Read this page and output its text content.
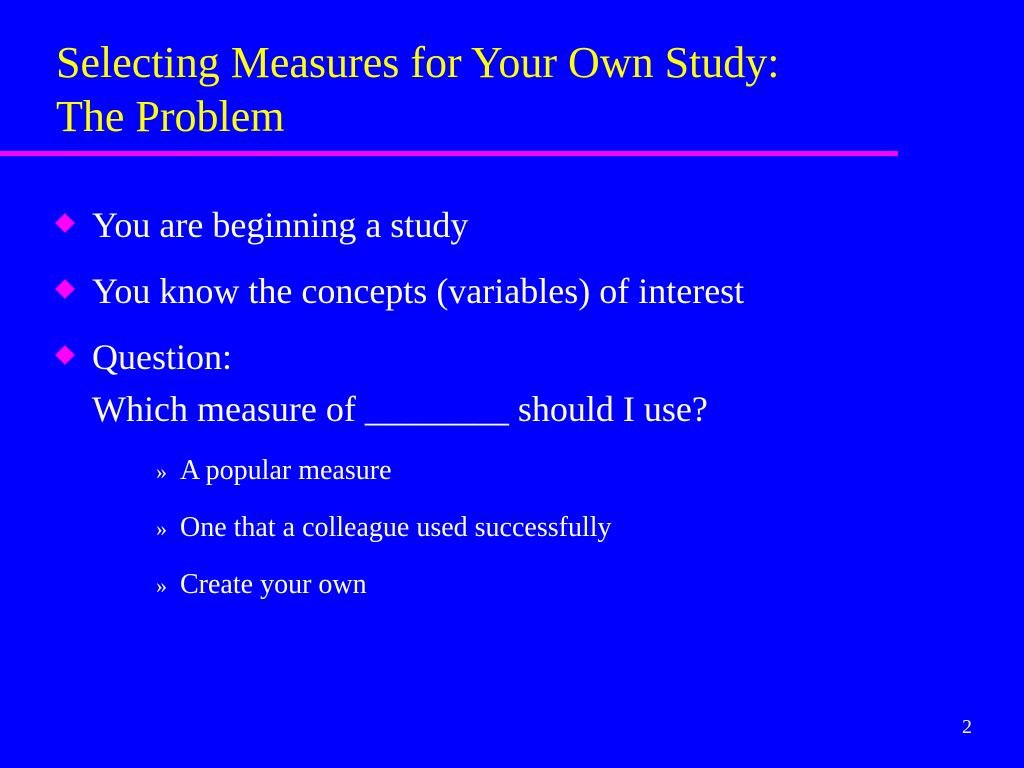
Selecting Measures for Your Own Study:
The Problem
You are beginning a study
You know the concepts (variables) of interest
Question:
Which measure of ________ should I use?
» A popular measure
» One that a colleague used successfully
» Create your own
2
